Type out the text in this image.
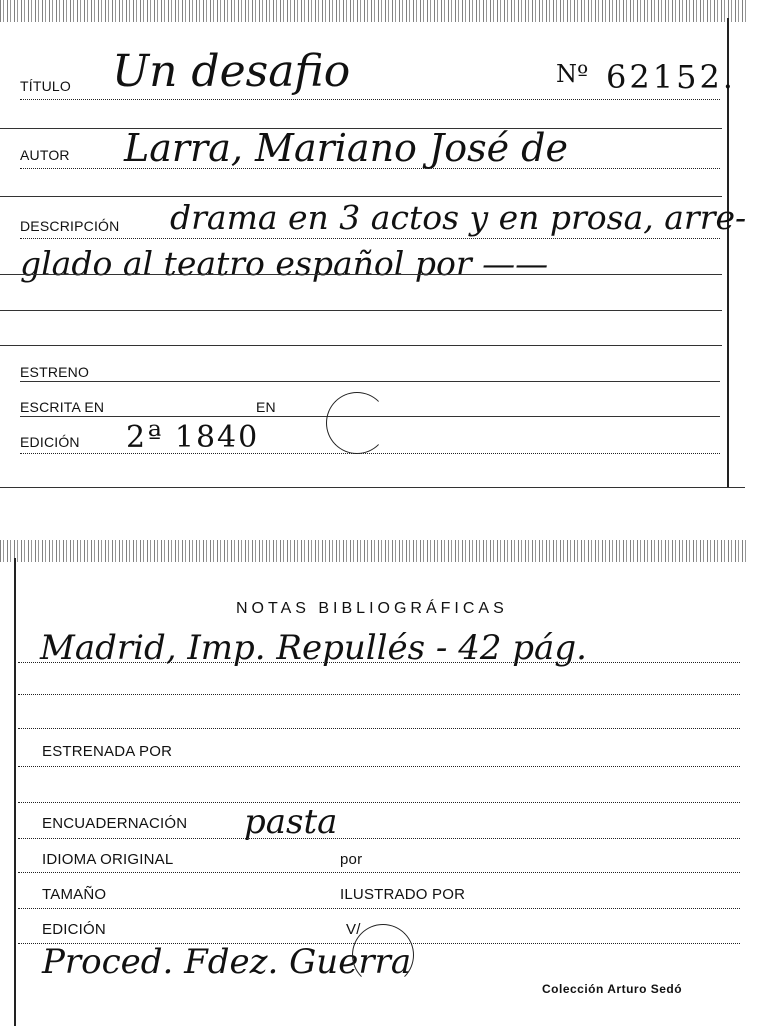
TÍTULO Un desafio	Nº 62152.
AUTOR Larra, Mariano José de
DESCRIPCIÓN drama en 3 actos y en prosa, arre-
glado al teatro español por ——
ESTRENO
ESCRITA EN	EN
EDICIÓN 2ª 1840
NOTAS BIBLIOGRÁFICAS
Madrid, Imp. Repullés - 42 pág.
ESTRENADA POR
ENCUADERNACIÓN pasta
IDIOMA ORIGINAL	por
TAMAÑO	ILUSTRADO POR
EDICIÓN	V/
Proced. Fdez. Guerra
Colección Arturo Sedó
